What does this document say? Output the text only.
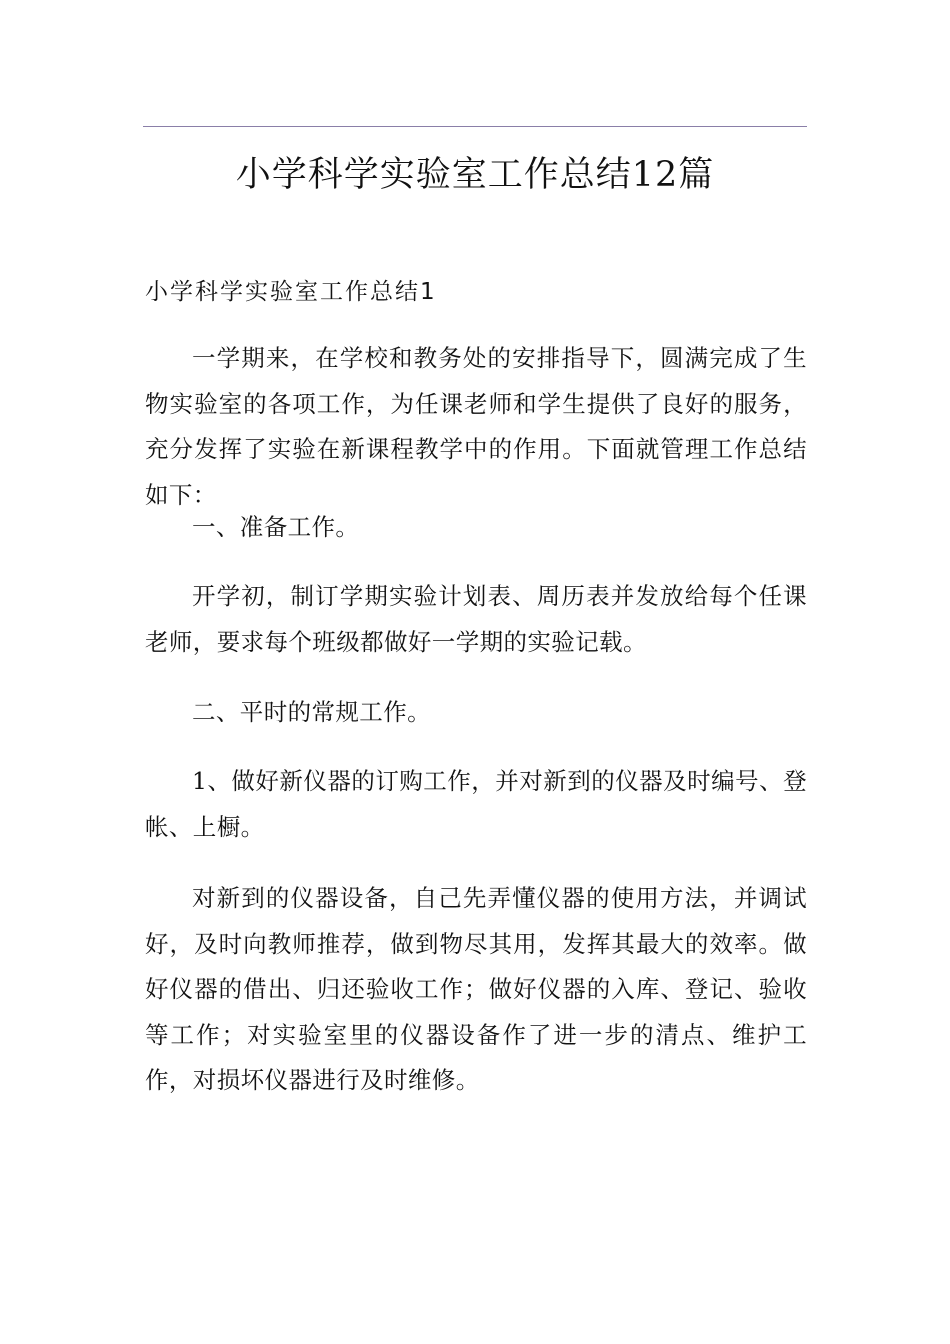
小学科学实验室工作总结12篇
小学科学实验室工作总结1

一学期来，在学校和教务处的安排指导下，圆满完成了生物实验室的各项工作，为任课老师和学生提供了良好的服务，充分发挥了实验在新课程教学中的作用。下面就管理工作总结如下：

一、准备工作。

开学初，制订学期实验计划表、周历表并发放给每个任课老师，要求每个班级都做好一学期的实验记载。

二、平时的常规工作。

1、做好新仪器的订购工作，并对新到的仪器及时编号、登帐、上橱。

对新到的仪器设备，自己先弄懂仪器的使用方法，并调试好，及时向教师推荐，做到物尽其用，发挥其最大的效率。做好仪器的借出、归还验收工作；做好仪器的入库、登记、验收等工作；对实验室里的仪器设备作了进一步的清点、维护工作，对损坏仪器进行及时维修。
